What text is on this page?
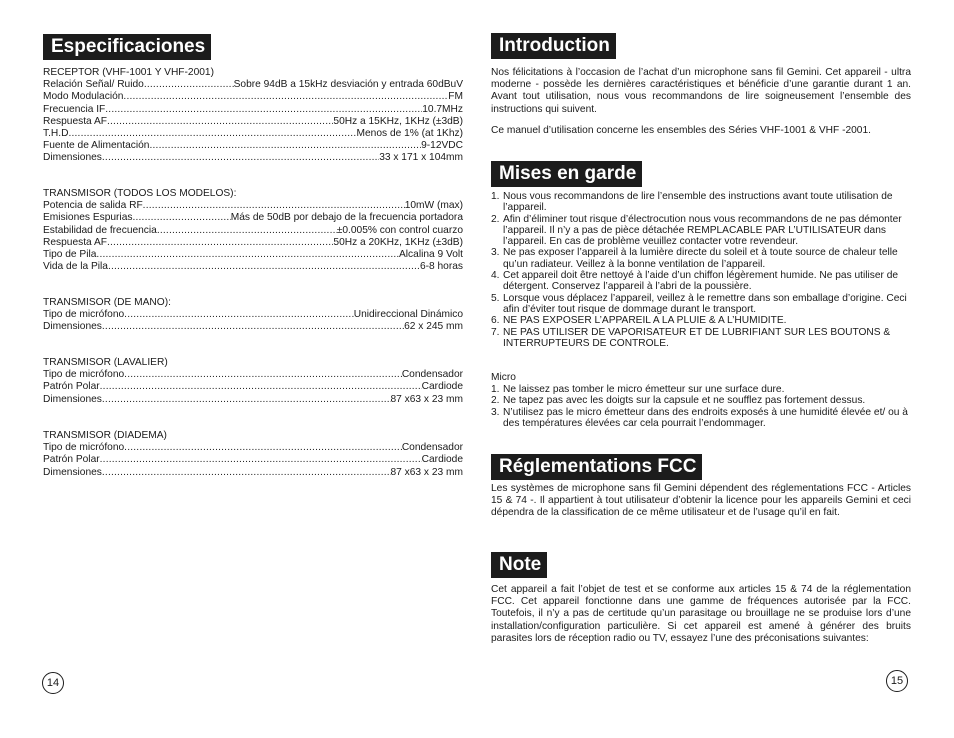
Especificaciones
RECEPTOR (VHF-1001 Y VHF-2001)
Relación Señal/ Ruido .....	Sobre 94dB a 15kHz desviación y entrada 60dBuV
Modo Modulación .....	FM
Frecuencia IF .....	10.7MHz
Respuesta AF .....	50Hz a 15KHz, 1KHz (±3dB)
T.H.D .....	Menos de 1% (at 1Khz)
Fuente de Alimentación .....	9-12VDC
Dimensiones .....	33 x 171 x 104mm
TRANSMISOR (TODOS LOS MODELOS):
Potencia de salida RF .....	10mW (max)
Emisiones Espurias .....	Más de 50dB por debajo de la frecuencia portadora
Estabilidad de frecuencia .....	±0.005% con control cuarzo
Respuesta AF .....	50Hz a 20KHz, 1KHz (±3dB)
Tipo de Pila .....	Alcalina 9 Volt
Vida de la Pila .....	6-8 horas
TRANSMISOR (DE MANO):
Tipo de micrófono .....	Unidireccional Dinámico
Dimensiones .....	62 x 245 mm
TRANSMISOR (LAVALIER)
Tipo de micrófono .....	Condensador
Patrón Polar .....	Cardiode
Dimensiones .....	87 x63 x 23 mm
TRANSMISOR (DIADEMA)
Tipo de micrófono .....	Condensador
Patrón Polar .....	Cardiode
Dimensiones .....	87 x63 x 23 mm
14
Introduction
Nos félicitations à l’occasion de l’achat d’un microphone sans fil Gemini. Cet appareil - ultra moderne - possède les dernières caractéristiques et bénéficie d’une garantie durant 1 an. Avant tout utilisation, nous vous recommandons de lire soigneusement l’ensemble des instructions qui suivent.
Ce manuel d’utilisation concerne les ensembles des Séries VHF-1001 & VHF -2001.
Mises en garde
1. Nous vous recommandons de lire l’ensemble des instructions avant toute utilisation de l’appareil.
2. Afin d’éliminer tout risque d’électrocution nous vous recommandons de ne pas démonter l’appareil. Il n’y a pas de pièce détachée REMPLACABLE PAR L’UTILISATEUR dans l’appareil. En cas de problème veuillez contacter votre revendeur.
3. Ne pas exposer l’appareil à la lumière directe du soleil et à toute source de chaleur telle qu’un radiateur. Veillez à la bonne ventilation de l’appareil.
4. Cet appareil doit être nettoyé à l’aide d’un chiffon légèrement humide. Ne pas utiliser de détergent. Conservez l’appareil à l’abri de la poussière.
5. Lorsque vous déplacez l’appareil, veillez à le remettre dans son emballage d’origine. Ceci afin d’éviter tout risque de dommage durant le transport.
6. NE PAS EXPOSER L’APPAREIL A LA PLUIE & A L’HUMIDITE.
7. NE PAS UTILISER DE VAPORISATEUR ET DE LUBRIFIANT SUR LES BOUTONS & INTERRUPTEURS DE CONTROLE.
Micro
1. Ne laissez pas tomber le micro émetteur sur une surface dure.
2. Ne tapez pas avec les doigts sur la capsule et ne soufflez pas fortement dessus.
3. N’utilisez pas le micro émetteur dans des endroits exposés à une humidité élevée et/ ou à des températures élevées car cela pourrait l’endommager.
Réglementations FCC
Les systèmes de microphone sans fil Gemini dépendent des réglementations FCC - Articles 15 & 74 -. Il appartient à tout utilisateur d’obtenir la licence pour les appareils Gemini et ceci dépendra de la classification de ce même utilisateur et de l’usage qu’il en fait.
Note
Cet appareil a fait l’objet de test et se conforme aux articles 15 & 74 de la réglementation FCC. Cet appareil fonctionne dans une gamme de fréquences autorisée par la FCC. Toutefois, il n’y a pas de certitude qu’un parasitage ou brouillage ne se produise lors d’une installation/configuration particulière. Si cet appareil est amené à générer des bruits parasites lors de réception radio ou TV, essayez l’une des préconisations suivantes:
15
